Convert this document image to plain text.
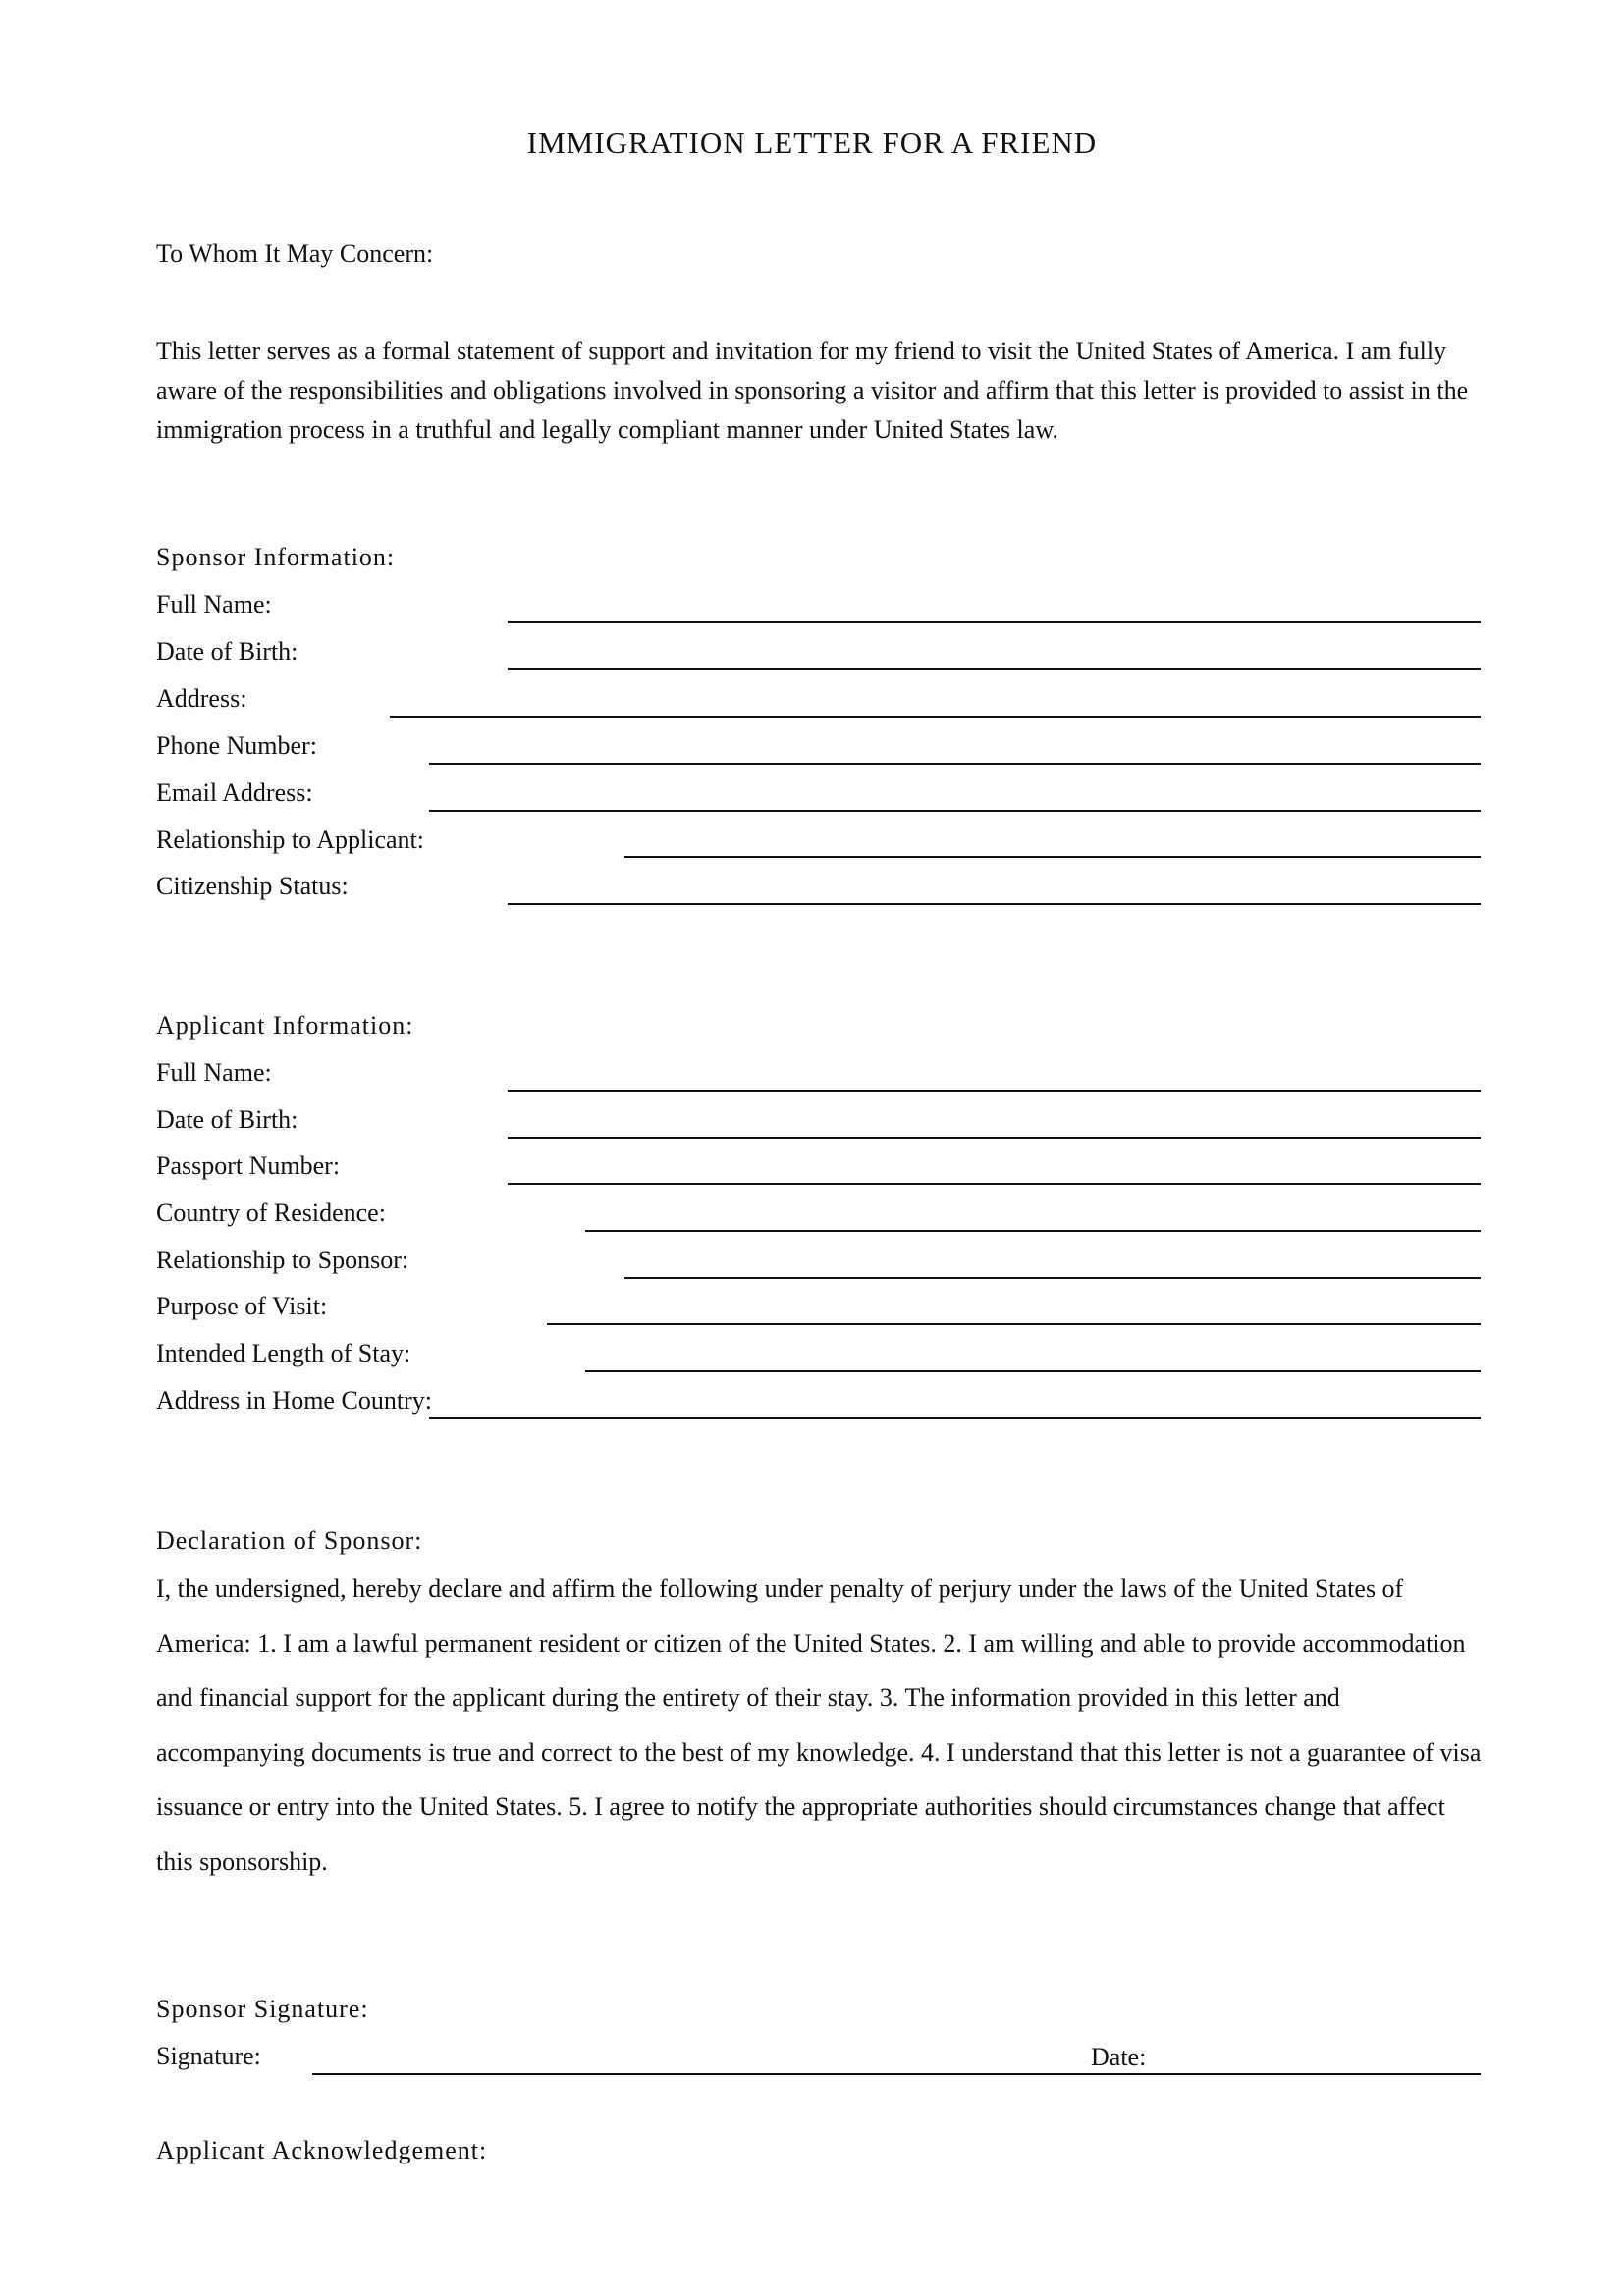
IMMIGRATION LETTER FOR A FRIEND
To Whom It May Concern:
This letter serves as a formal statement of support and invitation for my friend to visit the United States of America. I am fully aware of the responsibilities and obligations involved in sponsoring a visitor and affirm that this letter is provided to assist in the immigration process in a truthful and legally compliant manner under United States law.
Sponsor Information:
Full Name:
Date of Birth:
Address:
Phone Number:
Email Address:
Relationship to Applicant:
Citizenship Status:
Applicant Information:
Full Name:
Date of Birth:
Passport Number:
Country of Residence:
Relationship to Sponsor:
Purpose of Visit:
Intended Length of Stay:
Address in Home Country:
Declaration of Sponsor:
I, the undersigned, hereby declare and affirm the following under penalty of perjury under the laws of the United States of America: 1. I am a lawful permanent resident or citizen of the United States. 2. I am willing and able to provide accommodation and financial support for the applicant during the entirety of their stay. 3. The information provided in this letter and accompanying documents is true and correct to the best of my knowledge. 4. I understand that this letter is not a guarantee of visa issuance or entry into the United States. 5. I agree to notify the appropriate authorities should circumstances change that affect this sponsorship.
Sponsor Signature:
Signature:	Date:
Applicant Acknowledgement:
